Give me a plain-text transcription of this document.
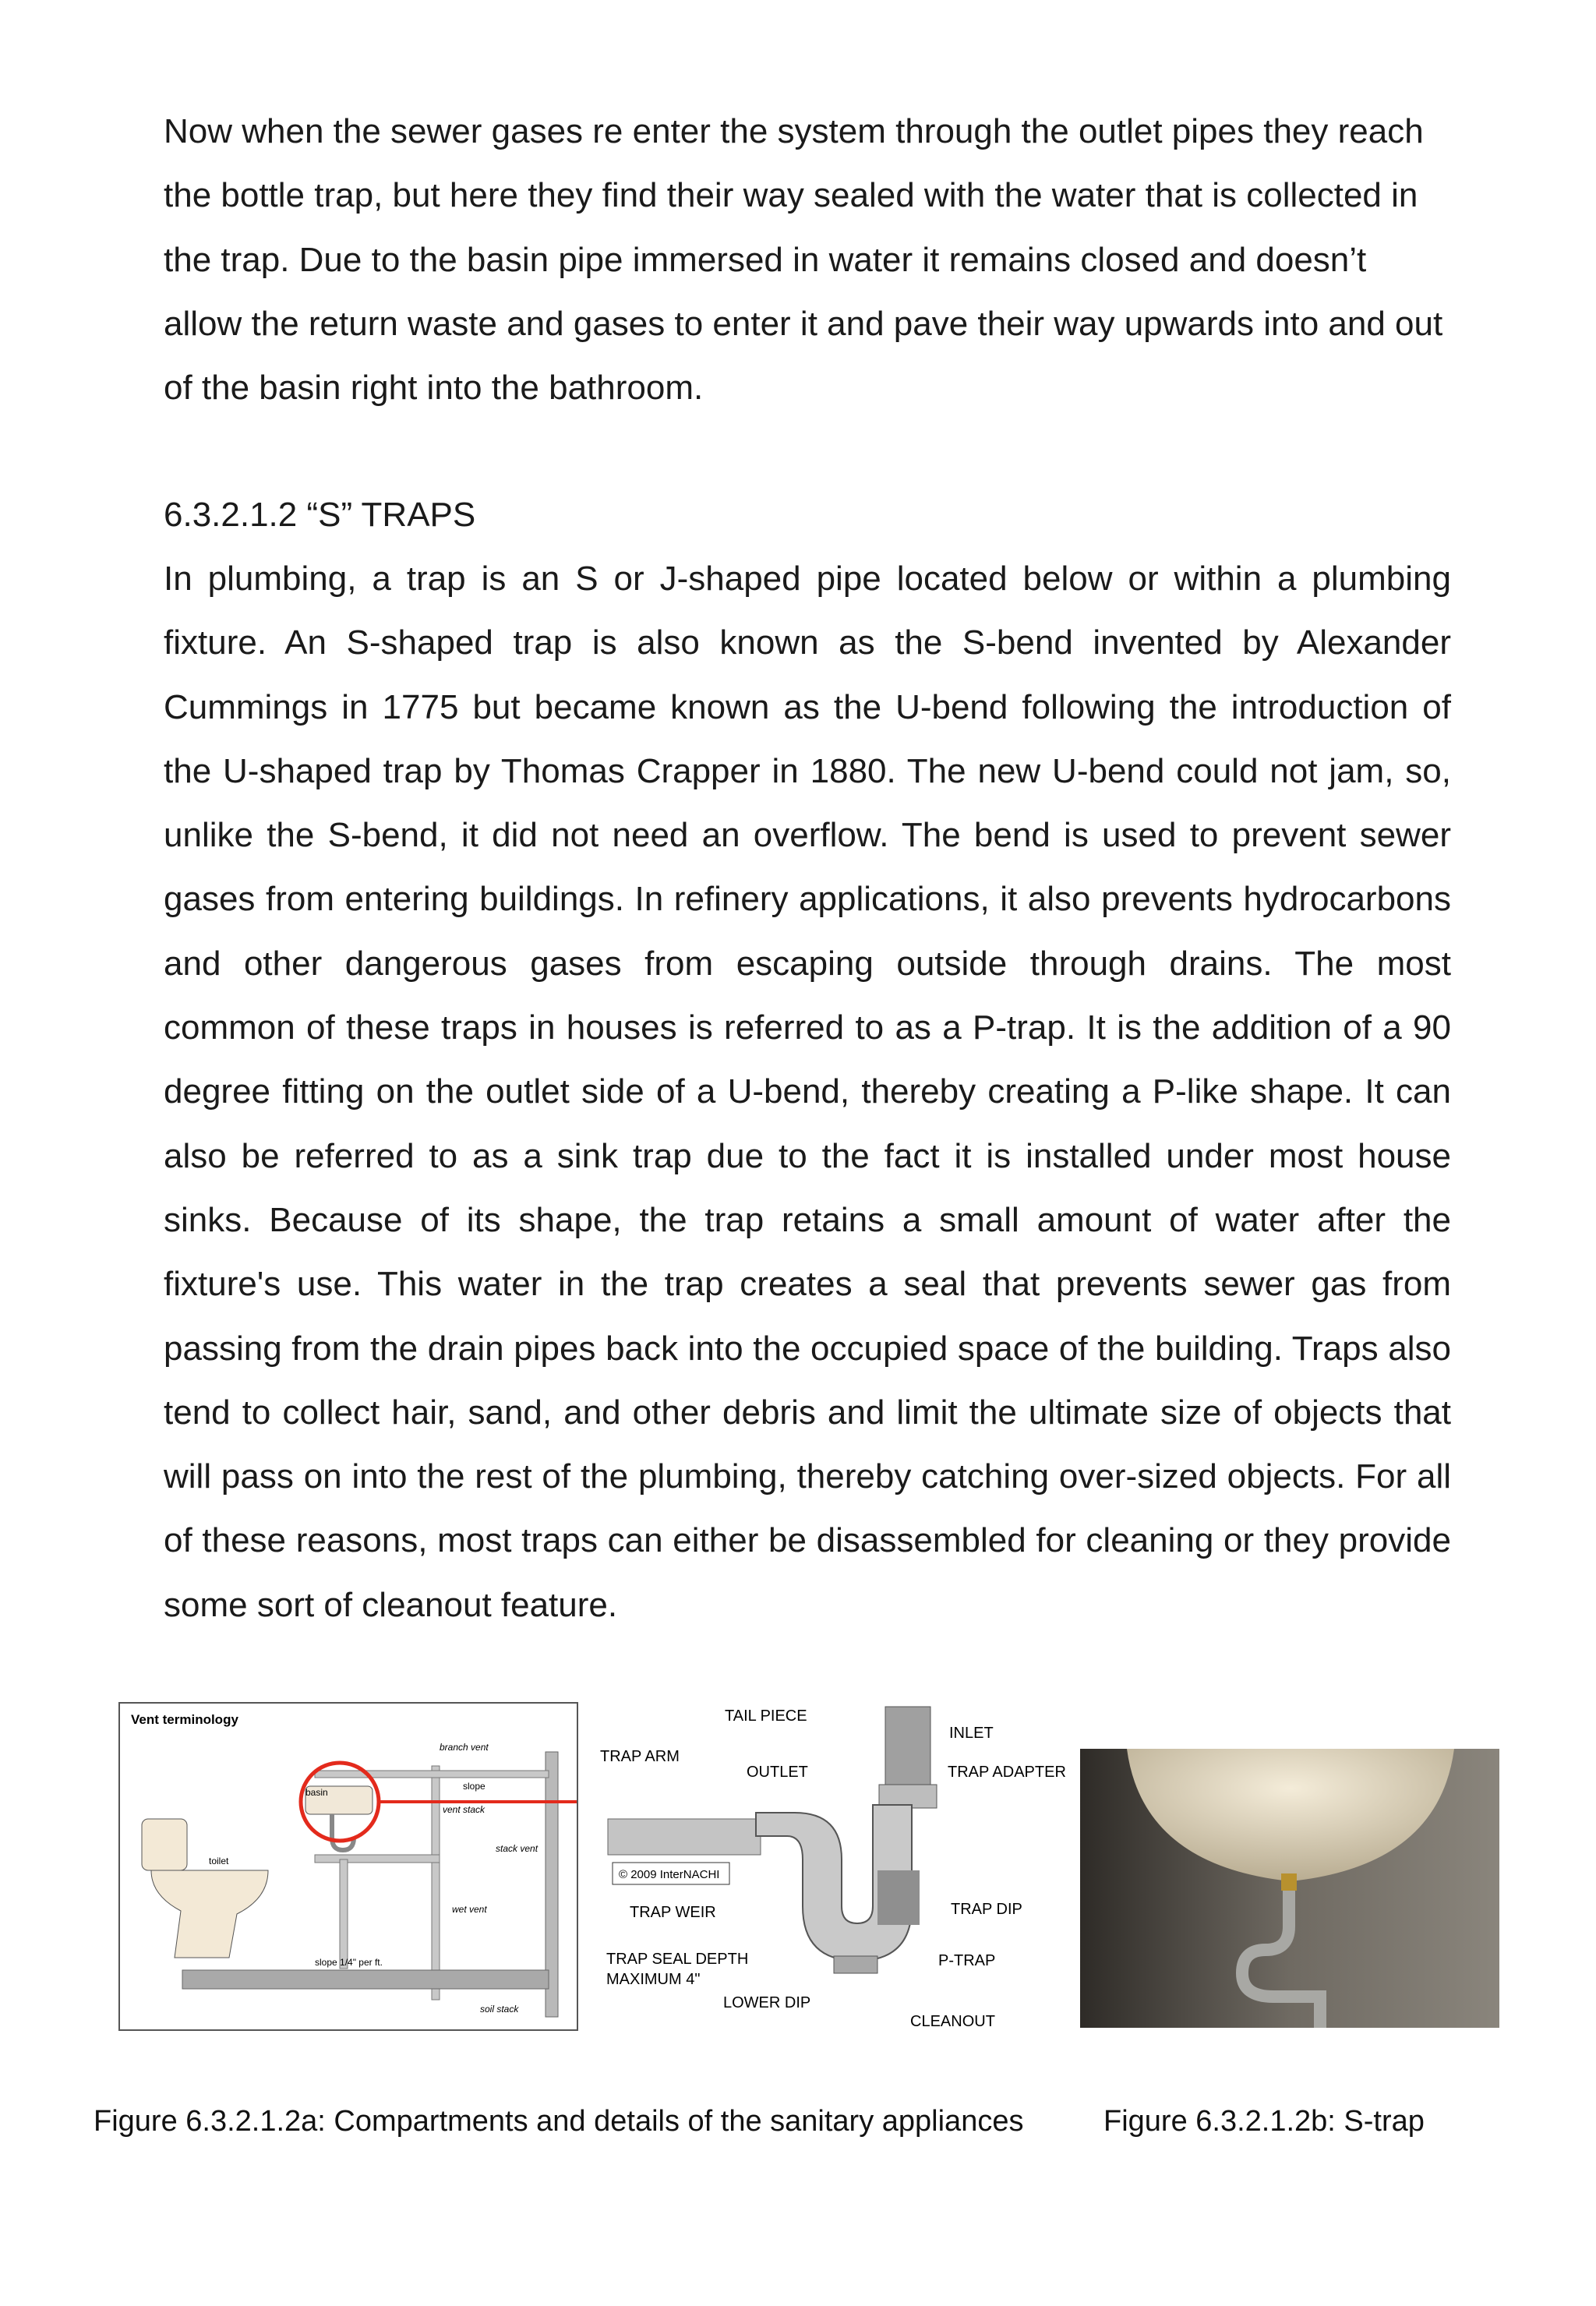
Now when the sewer gases re enter the system through the outlet pipes they reach the bottle trap, but here they find their way sealed with the water that is collected in the trap. Due to the basin pipe immersed in water it remains closed and doesn’t allow the return waste and gases to enter it and pave their way upwards into and out of the basin right into the bathroom.

6.3.2.1.2 “S” TRAPS

In plumbing, a trap is an S or J-shaped pipe located below or within a plumbing fixture. An S-shaped trap is also known as the S-bend invented by Alexander Cummings in 1775 but became known as the U-bend following the introduction of the U-shaped trap by Thomas Crapper in 1880. The new U-bend could not jam, so, unlike the S-bend, it did not need an overflow. The bend is used to prevent sewer gases from entering buildings. In refinery applications, it also prevents hydrocarbons and other dangerous gases from escaping outside through drains. The most common of these traps in houses is referred to as a P-trap. It is the addition of a 90 degree fitting on the outlet side of a U-bend, thereby creating a P-like shape. It can also be referred to as a sink trap due to the fact it is installed under most house sinks. Because of its shape, the trap retains a small amount of water after the fixture's use. This water in the trap creates a seal that prevents sewer gas from passing from the drain pipes back into the occupied space of the building. Traps also tend to collect hair, sand, and other debris and limit the ultimate size of objects that will pass on into the rest of the plumbing, thereby catching over-sized objects. For all of these reasons, most traps can either be disassembled for cleaning or they provide some sort of cleanout feature.

Vent terminology
basin
toilet
branch vent
slope
vent stack
stack vent
wet vent
slope 1/4" per ft.
soil stack
© 2009 InterNACHI
TAIL PIECE
INLET
TRAP ARM
OUTLET	TRAP ADAPTER
TRAP WEIR	TRAP DIP
TRAP SEAL DEPTH
MAXIMUM 4"
P-TRAP
LOWER DIP
CLEANOUT
Figure 6.3.2.1.2a: Compartments and details of the sanitary appliances	Figure 6.3.2.1.2b: S-trap
